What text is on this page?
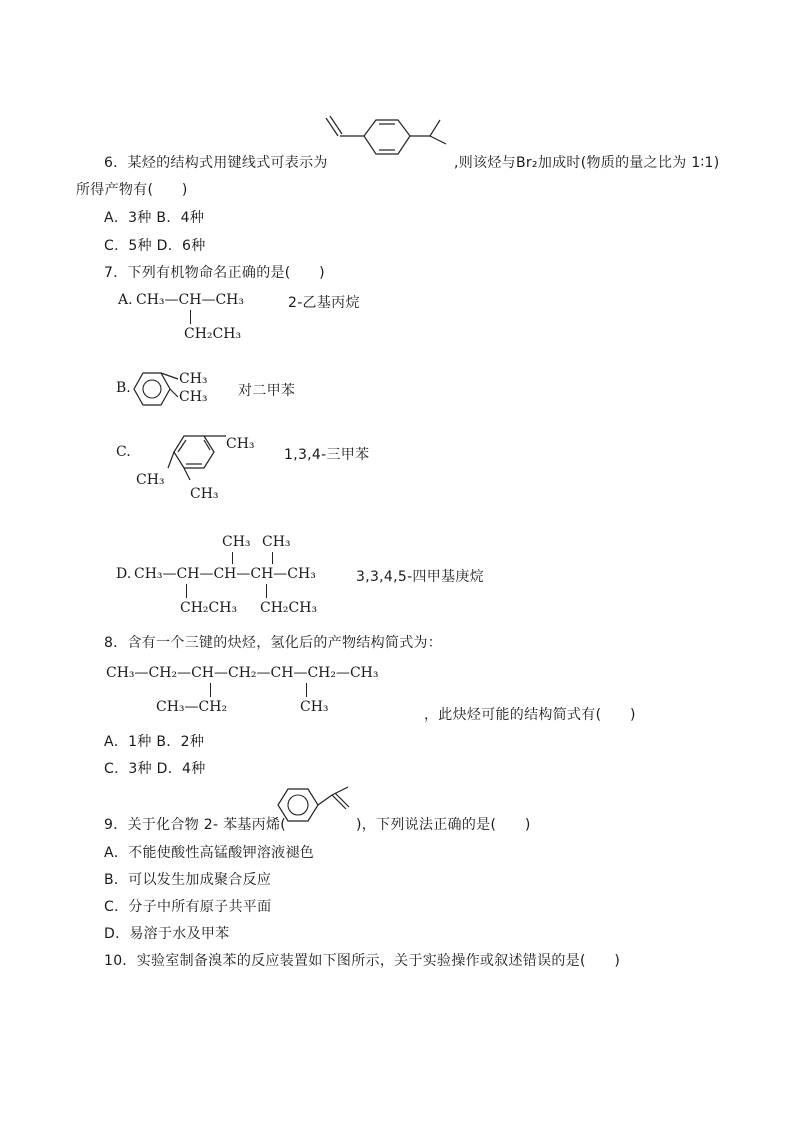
6．某烃的结构式用键线式可表示为	,则该烃与Br₂加成时(物质的量之比为 1∶1)
所得产物有(　　)
A．3种 B．4种
C．5种 D．6种
7．下列有机物命名正确的是(　　)
A. CH₃—CH—CH₃
CH₂CH₃
2-乙基丙烷
B.
CH₃
CH₃ 对二甲苯
C.	CH₃
CH₃
CH₃
1,3,4-三甲苯
CH₃ CH₃
D. CH₃—CH—CH—CH—CH₃
CH₂CH₃ CH₂CH₃
3,3,4,5-四甲基庚烷
8．含有一个三键的炔烃，氢化后的产物结构简式为：
CH₃—CH₂—CH—CH₂—CH—CH₂—CH₃
CH₃—CH₂	CH₃	，此炔烃可能的结构简式有(　　)
A．1种 B．2种
C．3种 D．4种
9．关于化合物 2- 苯基丙烯(	)，下列说法正确的是(　　)
A．不能使酸性高锰酸钾溶液褪色
B．可以发生加成聚合反应
C．分子中所有原子共平面
D．易溶于水及甲苯
10．实验室制备溴苯的反应装置如下图所示，关于实验操作或叙述错误的是(　　)
